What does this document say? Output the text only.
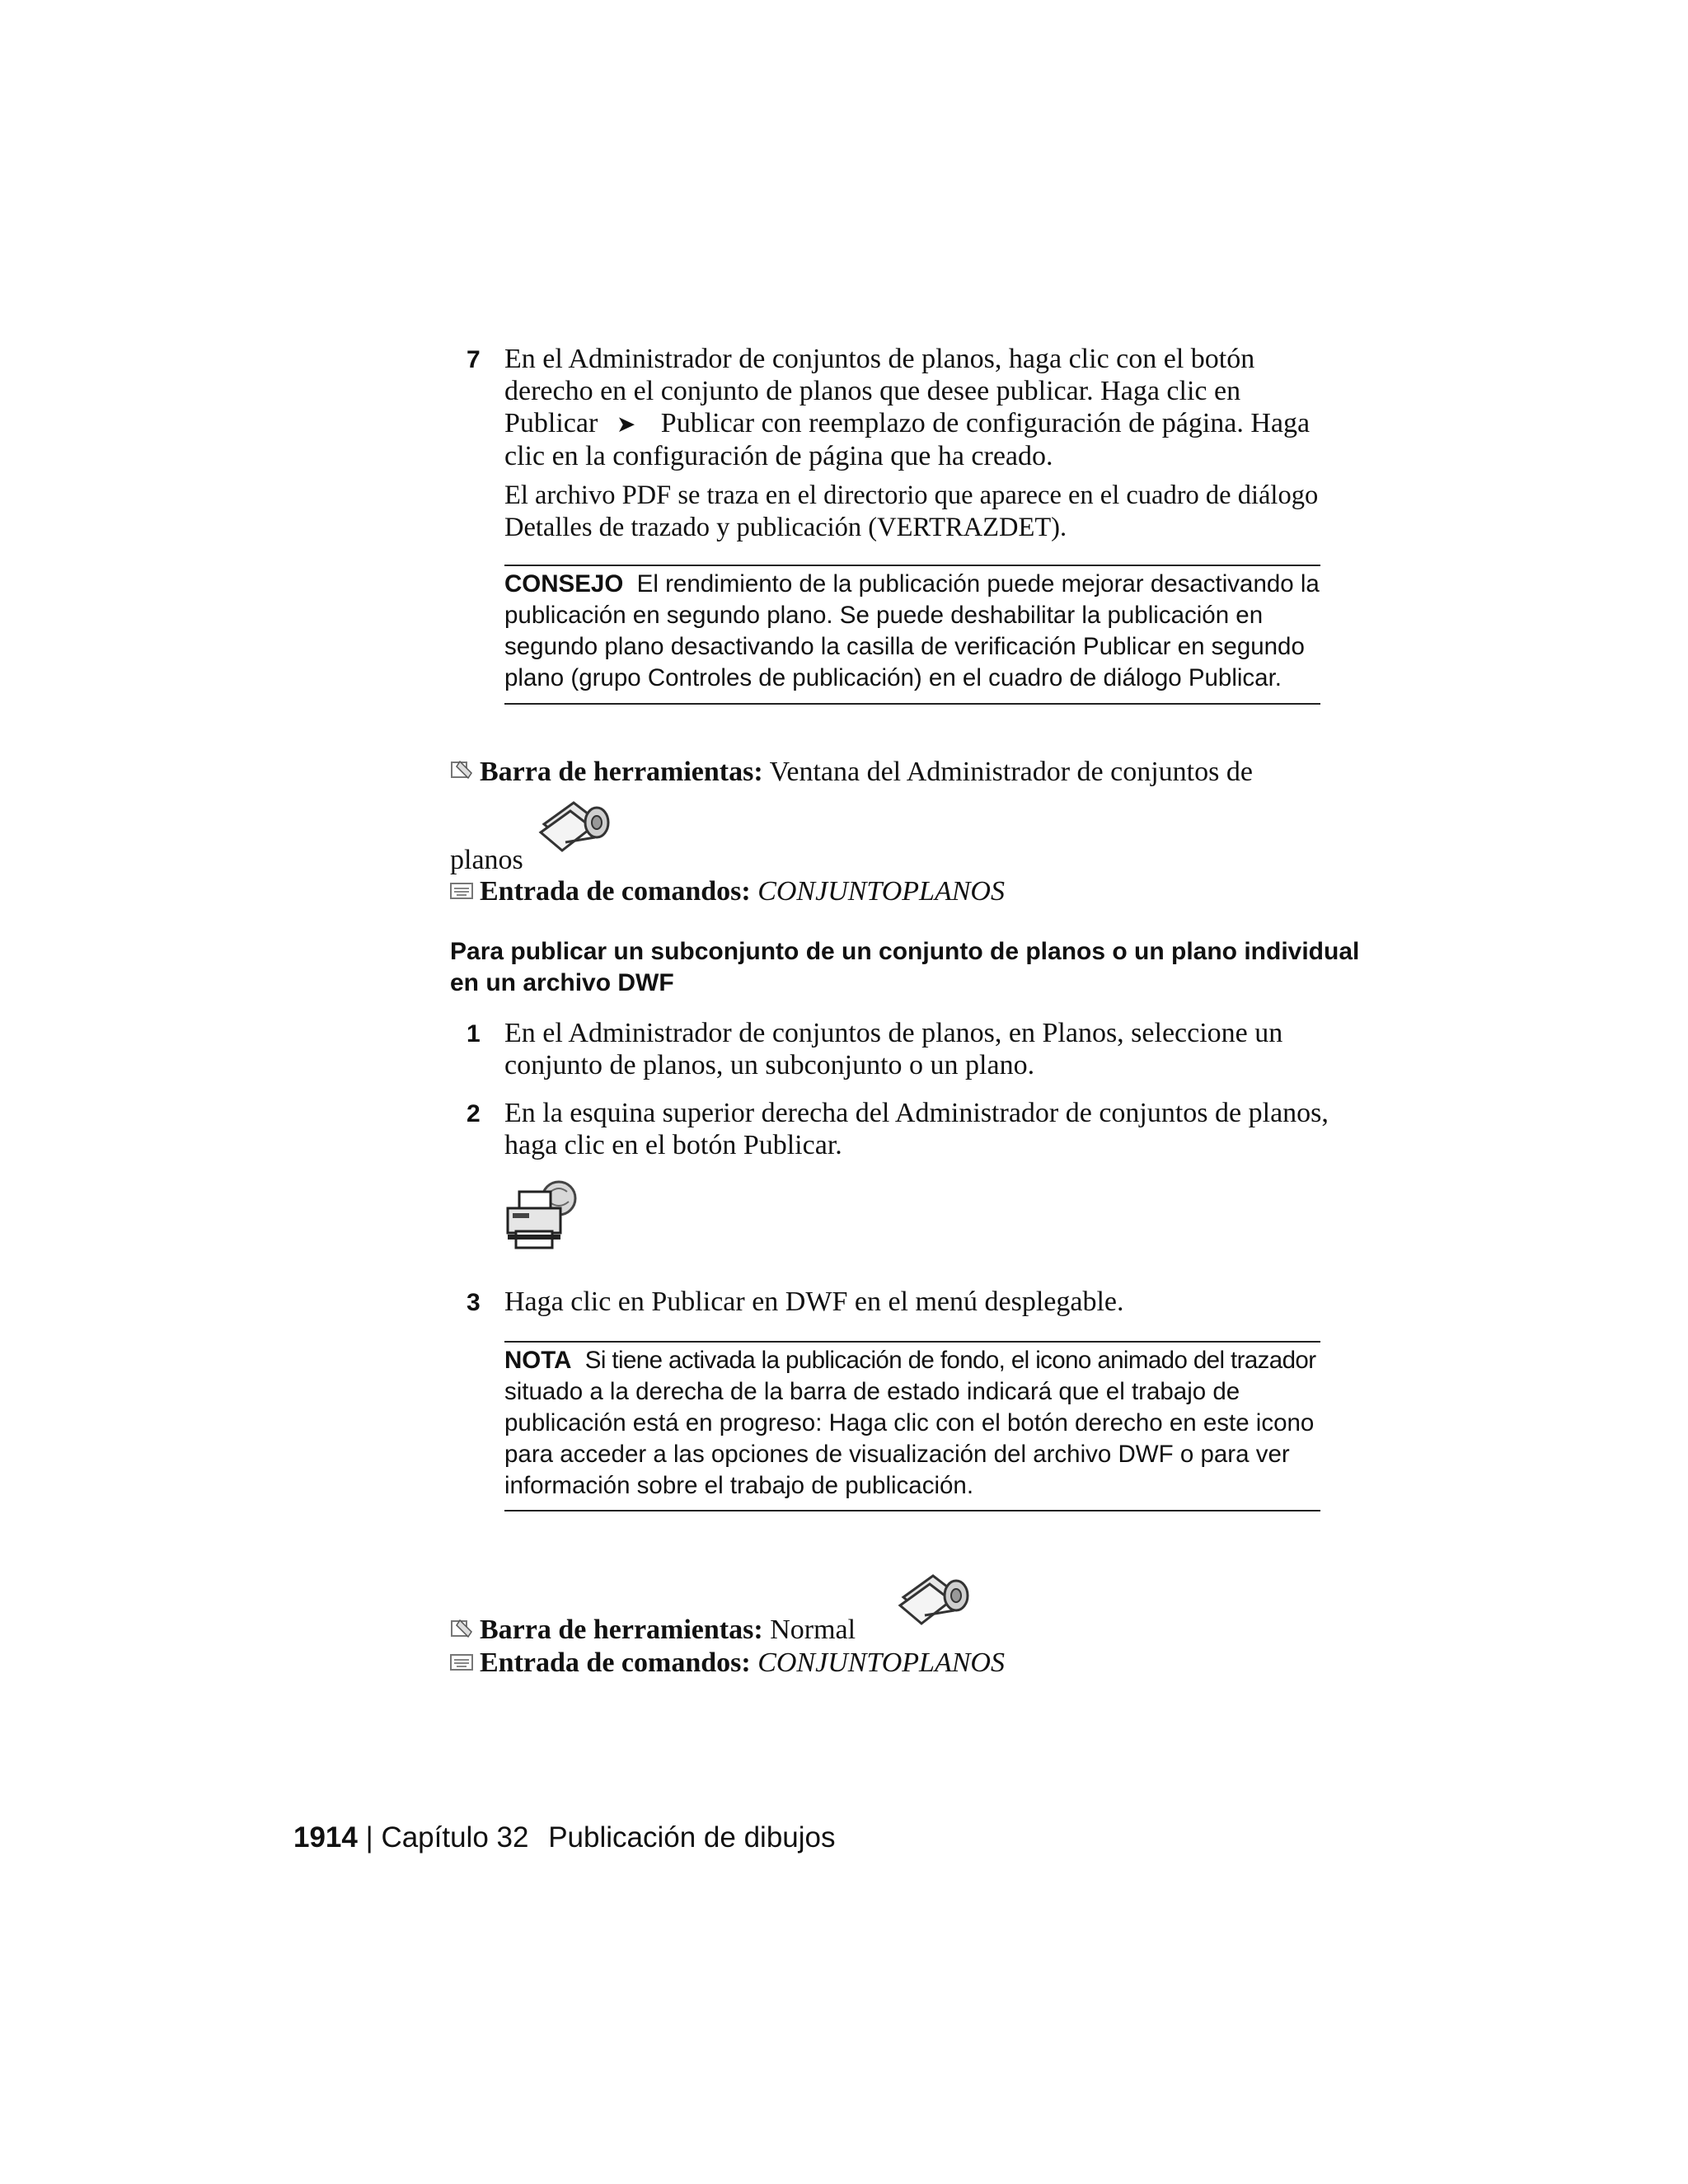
7 En el Administrador de conjuntos de planos, haga clic con el botón
derecho en el conjunto de planos que desee publicar. Haga clic en
Publicar ➤ Publicar con reemplazo de configuración de página. Haga
clic en la configuración de página que ha creado.
El archivo PDF se traza en el directorio que aparece en el cuadro de diálogo
Detalles de trazado y publicación (VERTRAZDET).
CONSEJO El rendimiento de la publicación puede mejorar desactivando la
publicación en segundo plano. Se puede deshabilitar la publicación en
segundo plano desactivando la casilla de verificación Publicar en segundo
plano (grupo Controles de publicación) en el cuadro de diálogo Publicar.
Barra de herramientas: Ventana del Administrador de conjuntos de
planos
Entrada de comandos: CONJUNTOPLANOS
Para publicar un subconjunto de un conjunto de planos o un plano individual
en un archivo DWF
1 En el Administrador de conjuntos de planos, en Planos, seleccione un
conjunto de planos, un subconjunto o un plano.
2 En la esquina superior derecha del Administrador de conjuntos de planos,
haga clic en el botón Publicar.
3 Haga clic en Publicar en DWF en el menú desplegable.
NOTA Si tiene activada la publicación de fondo, el icono animado del trazador
situado a la derecha de la barra de estado indicará que el trabajo de
publicación está en progreso: Haga clic con el botón derecho en este icono
para acceder a las opciones de visualización del archivo DWF o para ver
información sobre el trabajo de publicación.
Barra de herramientas: Normal
Entrada de comandos: CONJUNTOPLANOS
1914 | Capítulo 32 Publicación de dibujos
